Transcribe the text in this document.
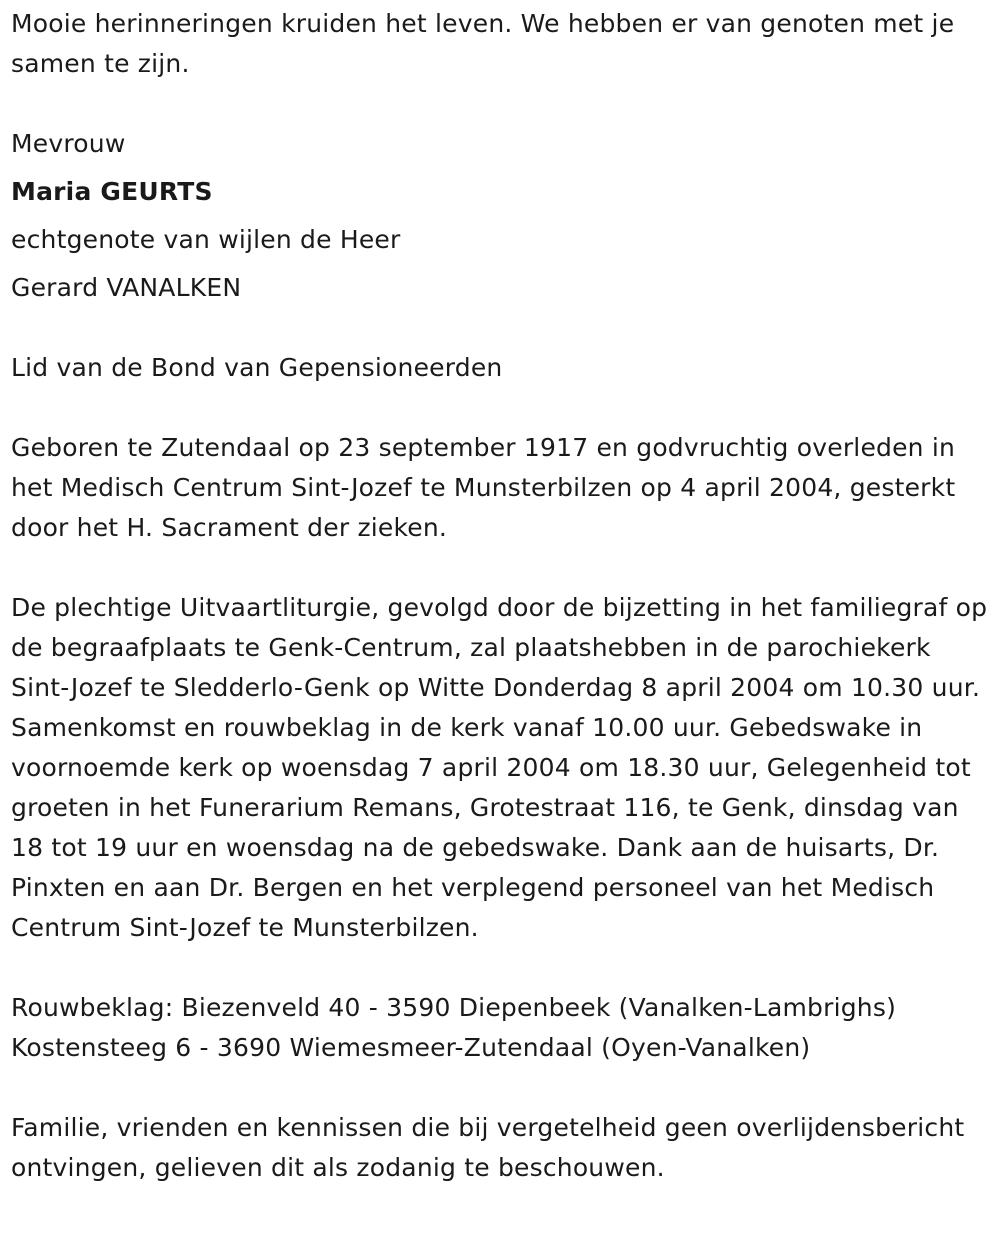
Mooie herinneringen kruiden het leven. We hebben er van genoten met je samen te zijn.

Mevrouw

Maria GEURTS

echtgenote van wijlen de Heer

Gerard VANALKEN

Lid van de Bond van Gepensioneerden

Geboren te Zutendaal op 23 september 1917 en godvruchtig overleden in het Medisch Centrum Sint-Jozef te Munsterbilzen op 4 april 2004, gesterkt door het H. Sacrament der zieken.

De plechtige Uitvaartliturgie, gevolgd door de bijzetting in het familiegraf op de begraafplaats te Genk-Centrum, zal plaatshebben in de parochiekerk Sint-Jozef te Sledderlo-Genk op Witte Donderdag 8 april 2004 om 10.30 uur. Samenkomst en rouwbeklag in de kerk vanaf 10.00 uur. Gebedswake in voornoemde kerk op woensdag 7 april 2004 om 18.30 uur, Gelegenheid tot groeten in het Funerarium Remans, Grotestraat 116, te Genk, dinsdag van 18 tot 19 uur en woensdag na de gebedswake. Dank aan de huisarts, Dr. Pinxten en aan Dr. Bergen en het verplegend personeel van het Medisch Centrum Sint-Jozef te Munsterbilzen.

Rouwbeklag: Biezenveld 40 - 3590 Diepenbeek (Vanalken-Lambrighs)

Kostensteeg 6 - 3690 Wiemesmeer-Zutendaal (Oyen-Vanalken)

Familie, vrienden en kennissen die bij vergetelheid geen overlijdensbericht ontvingen, gelieven dit als zodanig te beschouwen.
